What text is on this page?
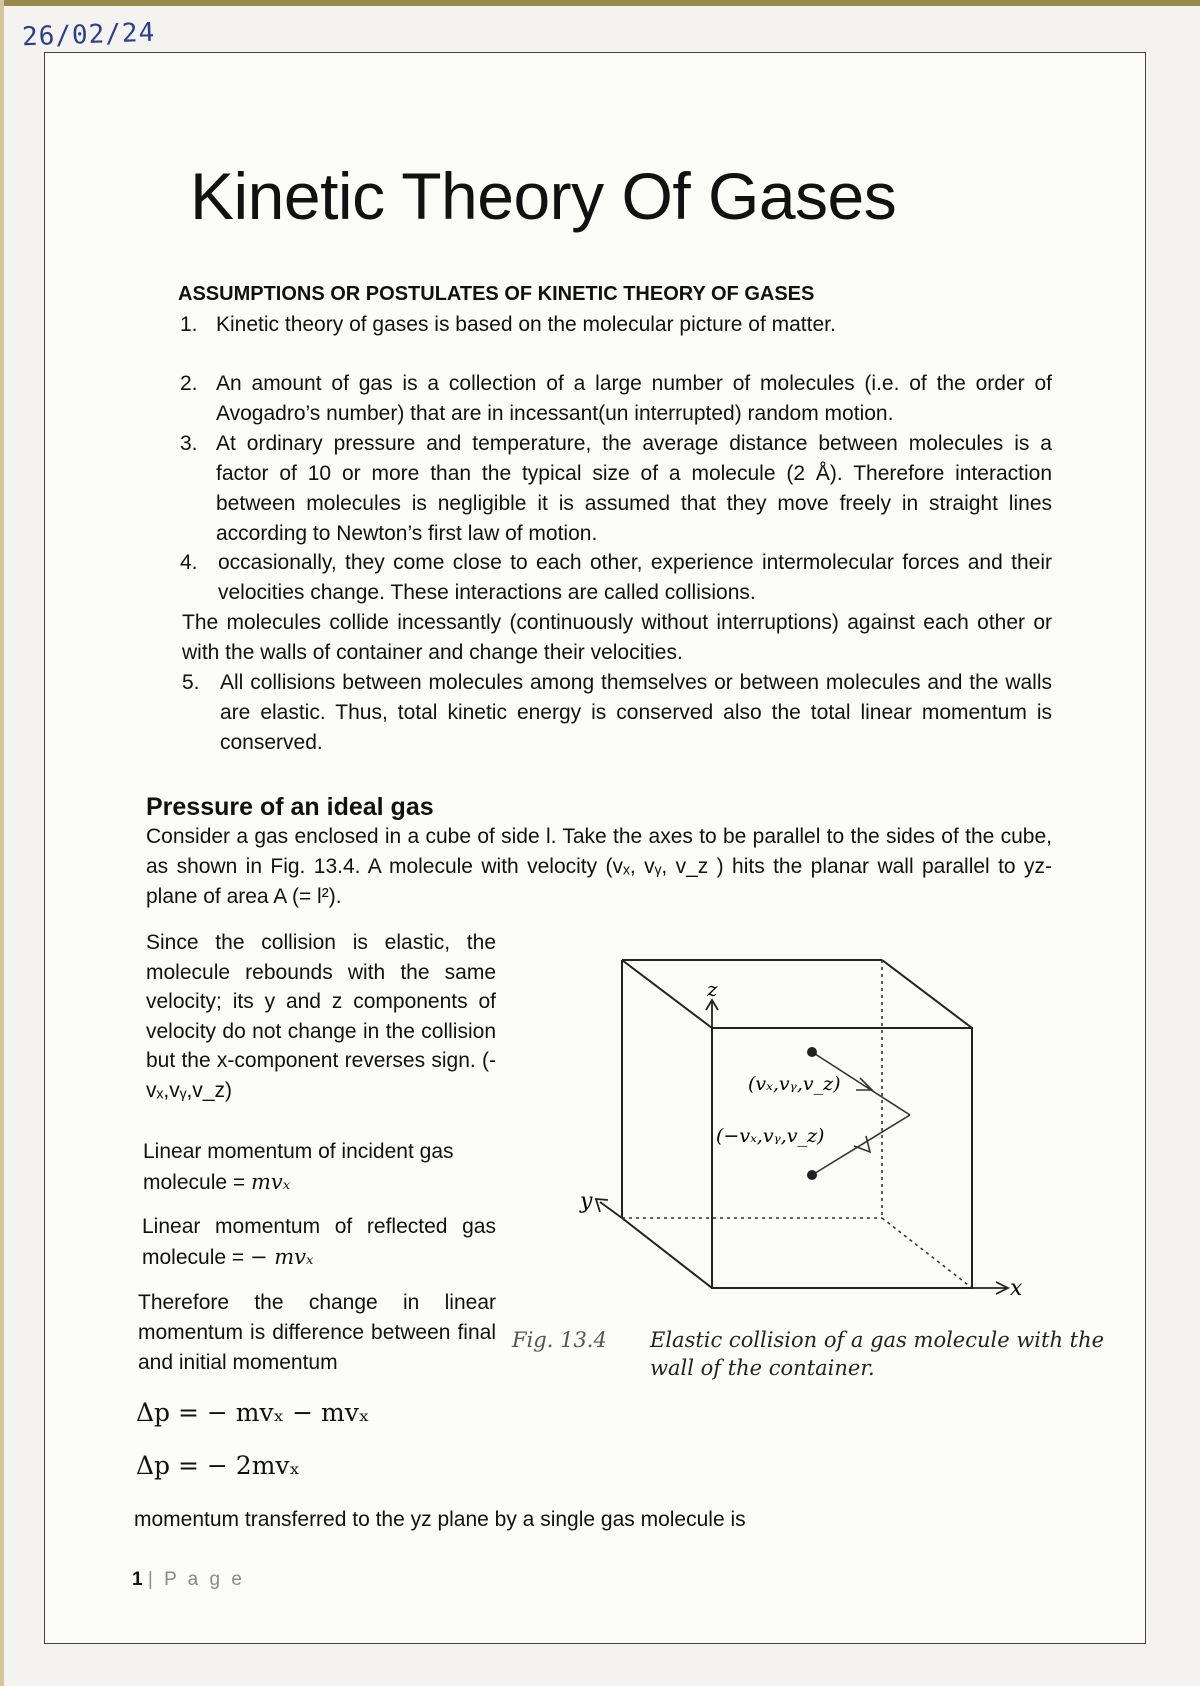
26/02/24
Kinetic Theory Of Gases
ASSUMPTIONS OR POSTULATES OF KINETIC THEORY OF GASES
1. Kinetic theory of gases is based on the molecular picture of matter.
2. An amount of gas is a collection of a large number of molecules (i.e. of the order of Avogadro’s number) that are in incessant(un interrupted) random motion.
3. At ordinary pressure and temperature, the average distance between molecules is a factor of 10 or more than the typical size of a molecule (2 Å). Therefore interaction between molecules is negligible it is assumed that they move freely in straight lines according to Newton’s first law of motion.
4. occasionally, they come close to each other, experience intermolecular forces and their velocities change. These interactions are called collisions.
The molecules collide incessantly (continuously without interruptions) against each other or with the walls of container and change their velocities.
5. All collisions between molecules among themselves or between molecules and the walls are elastic. Thus, total kinetic energy is conserved also the total linear momentum is conserved.
Pressure of an ideal gas
Consider a gas enclosed in a cube of side l. Take the axes to be parallel to the sides of the cube, as shown in Fig. 13.4. A molecule with velocity (vₓ, vᵧ, v_z ) hits the planar wall parallel to yz- plane of area A (= l²).
Since the collision is elastic, the molecule rebounds with the same velocity; its y and z components of velocity do not change in the collision but the x-component reverses sign. (-vₓ,vᵧ,v_z)
Linear momentum of incident gas molecule = mvₓ
Linear momentum of reflected gas molecule = − mvₓ
Therefore the change in linear momentum is difference between final and initial momentum
Δp = − mvₓ − mvₓ
Δp = − 2mvₓ
momentum transferred to the yz plane by a single gas molecule is
z
y
x
(vₓ,vᵧ,v_z)
(−vₓ,vᵧ,v_z)
Fig. 13.4 Elastic collision of a gas molecule with the wall of the container.
1 | P a g e
